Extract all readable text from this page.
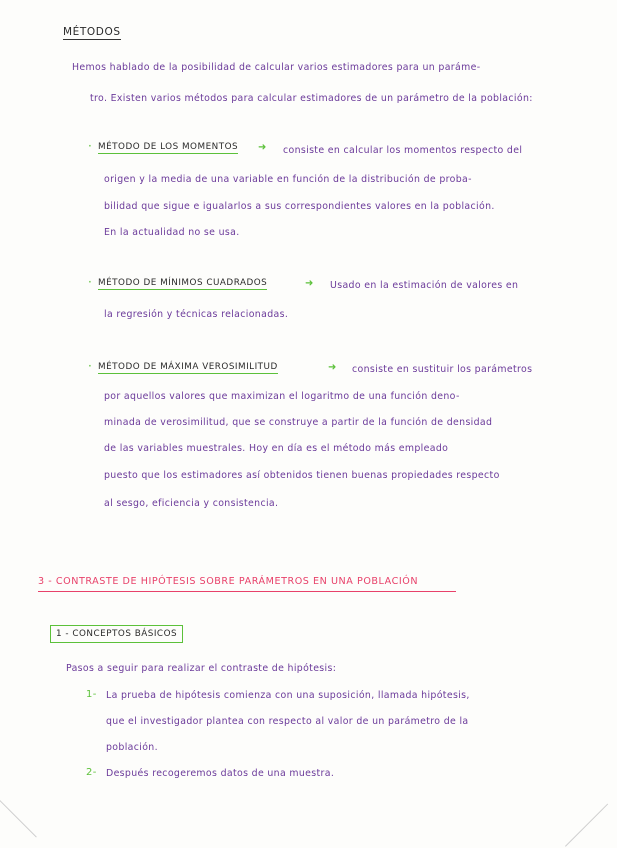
MÉTODOS
Hemos hablado de la posibilidad de calcular varios estimadores para un paráme-
tro. Existen varios métodos para calcular estimadores de un parámetro de la población:
· MÉTODO DE LOS MOMENTOS ➜ consiste en calcular los momentos respecto del
origen y la media de una variable en función de la distribución de proba-
bilidad que sigue e igualarlos a sus correspondientes valores en la población.
En la actualidad no se usa.
· MÉTODO DE MÍNIMOS CUADRADOS	➜ Usado en la estimación de valores en
la regresión y técnicas relacionadas.
· MÉTODO DE MÁXIMA VEROSIMILITUD	➜ consiste en sustituir los parámetros
por aquellos valores que maximizan el logaritmo de una función deno-
minada de verosimilitud, que se construye a partir de la función de densidad
de las variables muestrales. Hoy en día es el método más empleado
puesto que los estimadores así obtenidos tienen buenas propiedades respecto
al sesgo, eficiencia y consistencia.
3 - CONTRASTE DE HIPÓTESIS SOBRE PARÁMETROS EN UNA POBLACIÓN
1 - CONCEPTOS BÁSICOS
Pasos a seguir para realizar el contraste de hipótesis:
1- La prueba de hipótesis comienza con una suposición, llamada hipótesis,
que el investigador plantea con respecto al valor de un parámetro de la
población.
2- Después recogeremos datos de una muestra.
